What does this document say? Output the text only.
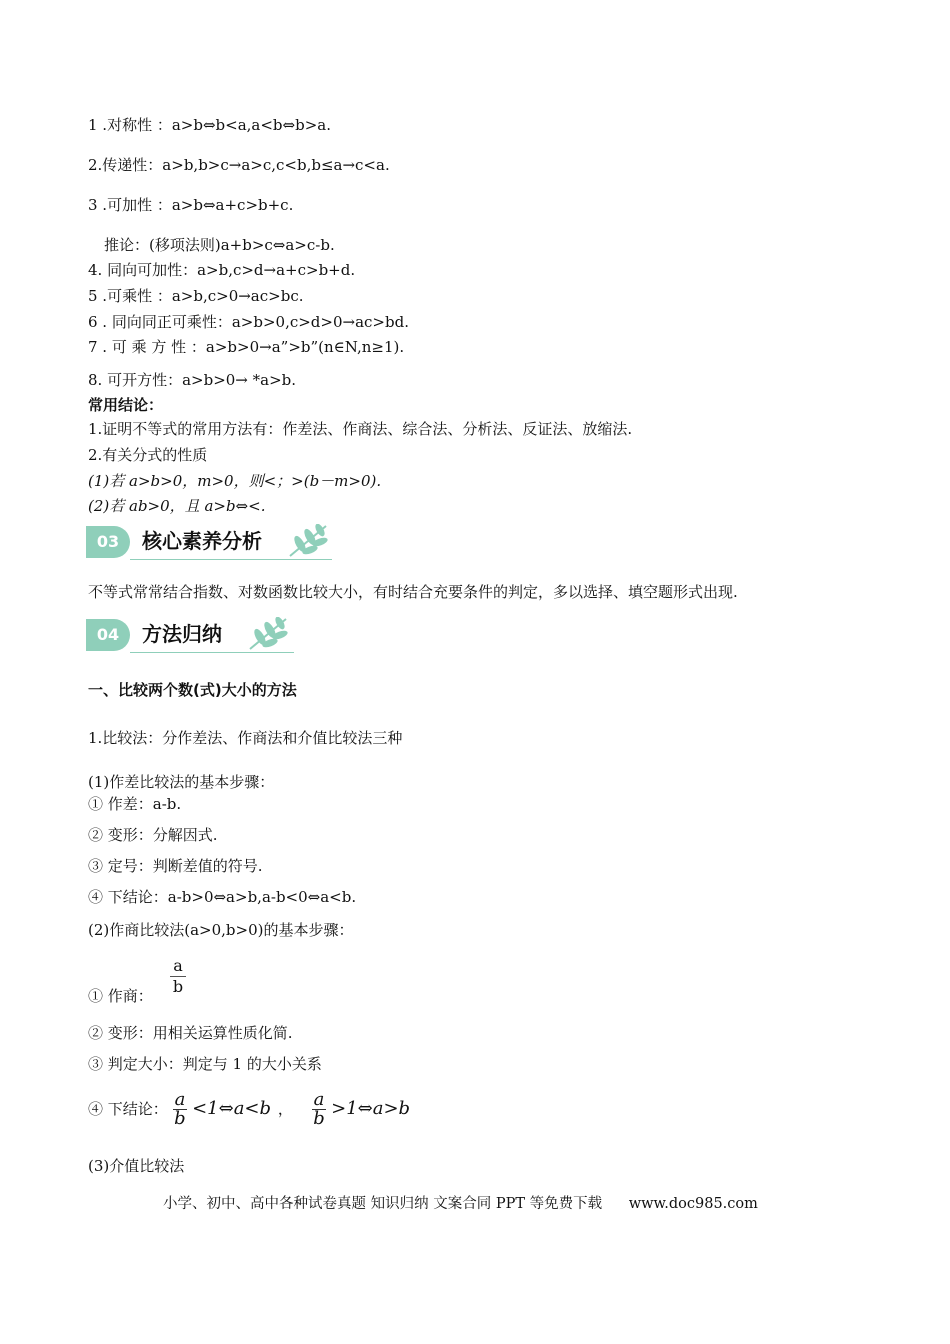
1 .对称性 ：a>b⇔b<a,a<b⇔b>a.
2.传递性：a>b,b>c→a>c,c<b,b≤a→c<a.
3 .可加性 ：a>b⇔a+c>b+c.
推论：(移项法则)a+b>c⇔a>c-b.
4. 同向可加性：a>b,c>d→a+c>b+d.
5 .可乘性 ：a>b,c>0→ac>bc.
6 . 同向同正可乘性：a>b>0,c>d>0→ac>bd.
7 . 可 乘 方 性 ：a>b>0→a”>b”(n∈N,n≥1).
8. 可开方性：a>b>0→ *a>b.
常用结论：
1.证明不等式的常用方法有：作差法、作商法、综合法、分析法、反证法、放缩法.
2.有关分式的性质
(1)若 a>b>0，m>0，则<；>(b－m>0).
(2)若 ab>0，且 a>b⇔<.
03	核心素养分析
不等式常常结合指数、对数函数比较大小，有时结合充要条件的判定，多以选择、填空题形式出现.
04	方法归纳
一、比较两个数(式)大小的方法
1.比较法：分作差法、作商法和介值比较法三种
(1)作差比较法的基本步骤：
① 作差：a-b.
② 变形：分解因式.
③ 定号：判断差值的符号.
④ 下结论：a-b>0⇔a>b,a-b<0⇔a<b.
(2)作商比较法(a>0,b>0)的基本步骤：
① 作商： $\frac{a}{b}$
② 变形：用相关运算性质化简.
③ 判定大小：判定与 1 的大小关系
④ 下结论： $\frac{a}{b}$ <1⇔a<b ， $\frac{a}{b}$ >1⇔a>b
(3)介值比较法
小学、初中、高中各种试卷真题 知识归纳 文案合同 PPT 等免费下载 www.doc985.com
